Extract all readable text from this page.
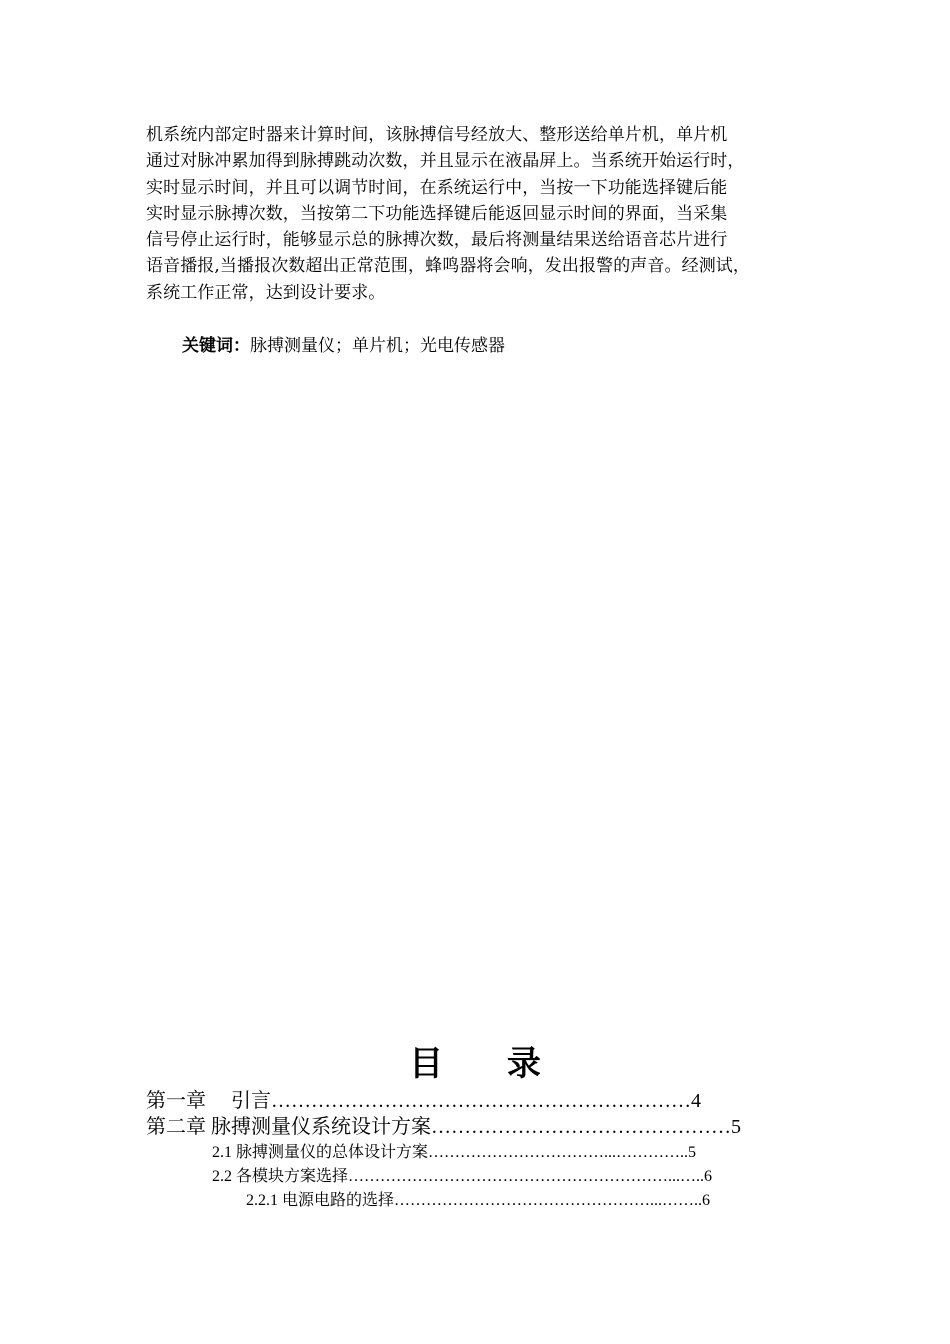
机系统内部定时器来计算时间，该脉搏信号经放大、整形送给单片机，单片机
通过对脉冲累加得到脉搏跳动次数，并且显示在液晶屏上。当系统开始运行时，
实时显示时间，并且可以调节时间，在系统运行中，当按一下功能选择键后能
实时显示脉搏次数，当按第二下功能选择键后能返回显示时间的界面，当采集
信号停止运行时，能够显示总的脉搏次数，最后将测量结果送给语音芯片进行
语音播报,当播报次数超出正常范围，蜂鸣器将会响，发出报警的声音。经测试，
系统工作正常，达到设计要求。
关键词：脉搏测量仪；单片机；光电传感器
目 录
第一章　 引言………………………………………………………4
第二章 脉搏测量仪系统设计方案………………………………………5
2.1 脉搏测量仪的总体设计方案……………………………...…………..5
2.2 各模块方案选择……………………………………………………...…..6
2.2.1 电源电路的选择…………………………………………...……..6
